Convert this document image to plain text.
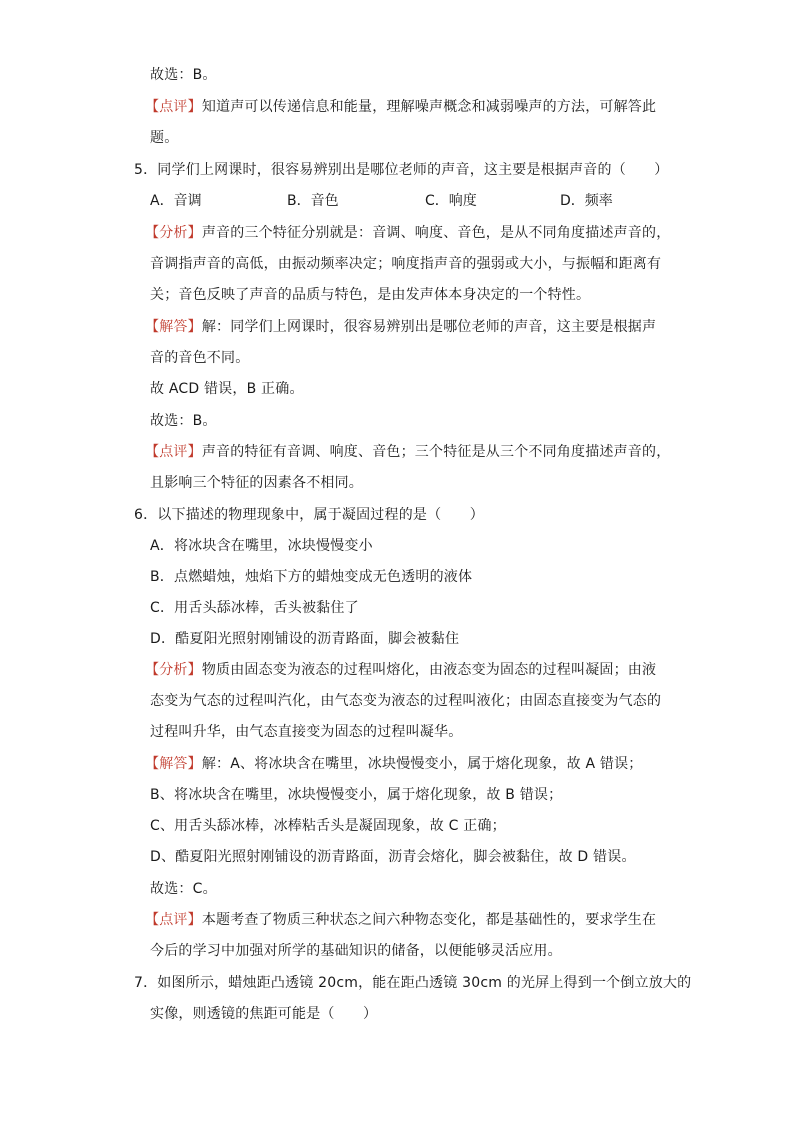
故选：B。
【点评】知道声可以传递信息和能量，理解噪声概念和减弱噪声的方法，可解答此
题。
5．同学们上网课时，很容易辨别出是哪位老师的声音，这主要是根据声音的（　　）
A．音调	B．音色	C．响度	D．频率
【分析】声音的三个特征分别就是：音调、响度、音色，是从不同角度描述声音的，
音调指声音的高低，由振动频率决定；响度指声音的强弱或大小，与振幅和距离有
关；音色反映了声音的品质与特色，是由发声体本身决定的一个特性。
【解答】解：同学们上网课时，很容易辨别出是哪位老师的声音，这主要是根据声
音的音色不同。
故 ACD 错误，B 正确。
故选：B。
【点评】声音的特征有音调、响度、音色；三个特征是从三个不同角度描述声音的，
且影响三个特征的因素各不相同。
6．以下描述的物理现象中，属于凝固过程的是（　　）
A．将冰块含在嘴里，冰块慢慢变小
B．点燃蜡烛，烛焰下方的蜡烛变成无色透明的液体
C．用舌头舔冰棒，舌头被黏住了
D．酷夏阳光照射刚铺设的沥青路面，脚会被黏住
【分析】物质由固态变为液态的过程叫熔化，由液态变为固态的过程叫凝固；由液
态变为气态的过程叫汽化，由气态变为液态的过程叫液化；由固态直接变为气态的
过程叫升华，由气态直接变为固态的过程叫凝华。
【解答】解：A、将冰块含在嘴里，冰块慢慢变小，属于熔化现象，故 A 错误；
B、将冰块含在嘴里，冰块慢慢变小，属于熔化现象，故 B 错误；
C、用舌头舔冰棒，冰棒粘舌头是凝固现象，故 C 正确；
D、酷夏阳光照射刚铺设的沥青路面，沥青会熔化，脚会被黏住，故 D 错误。
故选：C。
【点评】本题考查了物质三种状态之间六种物态变化，都是基础性的，要求学生在
今后的学习中加强对所学的基础知识的储备，以便能够灵活应用。
7．如图所示，蜡烛距凸透镜 20cm，能在距凸透镜 30cm 的光屏上得到一个倒立放大的
实像，则透镜的焦距可能是（　　）
